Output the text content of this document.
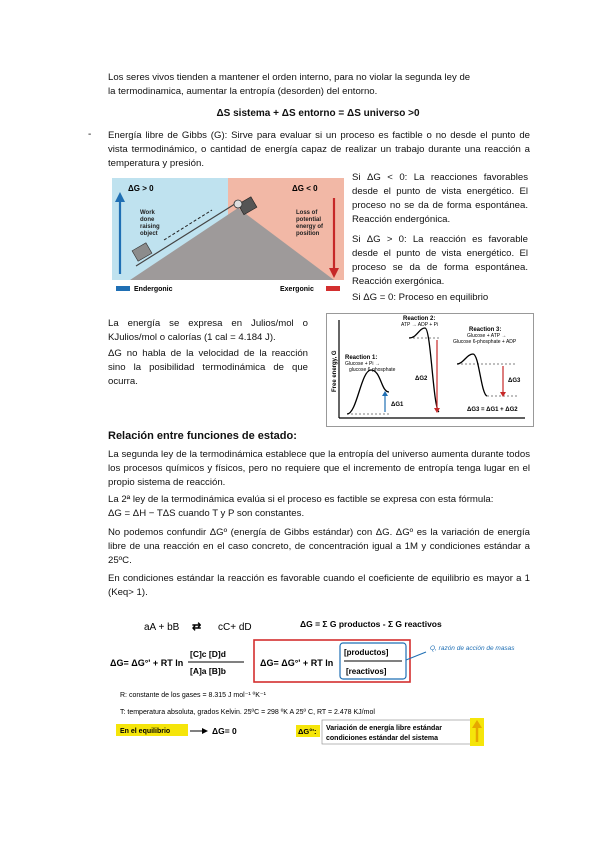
Los seres vivos tienden a mantener el orden interno, para no violar la segunda ley de
la termodinamica, aumentar la entropía (desorden) del entorno.
ΔS sistema + ΔS entorno = ΔS universo >0
- Energía libre de Gibbs (G): Sirve para evaluar si un proceso es factible o no desde el punto de vista termodinámico, o cantidad de energía capaz de realizar un trabajo durante una reacción a temperatura y presión.
ΔG > 0	ΔG < 0
Work done raising object
Loss of potential energy of position
Endergonic	Exergonic
Si ΔG < 0: La reacciones favorables desde el punto de vista energético. El proceso no se da de forma espontánea. Reacción endergónica.
Si ΔG > 0: La reacción es favorable desde el punto de vista energético. El proceso se da de forma espontánea. Reacción exergónica.
Si ΔG = 0: Proceso en equilibrio
La energía se expresa en Julios/mol o KJulios/mol o calorías (1 cal = 4.184 J).
ΔG no habla de la velocidad de la reacción sino la posibilidad termodinámica de que ocurra.	Free energy, G
ΔG1
Reaction 1:
Glucose + Pi →
glucose 6-phosphate
ΔG2
Reaction 2:
ATP → ADP + Pi
ΔG3
Reaction 3:
Glucose + ATP →
Glucose 6-phosphate + ADP
ΔG3 = ΔG1 + ΔG2
Relación entre funciones de estado:
La segunda ley de la termodinámica establece que la entropía del universo aumenta durante todos los procesos químicos y físicos, pero no requiere que el incremento de entropía tenga lugar en el propio sistema de reacción.
La 2ª ley de la termodinámica evalúa si el proceso es factible se expresa con esta fórmula:
ΔG = ΔH − TΔS cuando T y P son constantes.
No podemos confundir ΔGº (energía de Gibbs estándar) con ΔG. ΔGº es la variación de energía libre de una reacción en el caso concreto, de concentración igual a 1M y condiciones estándar a 25ºC.
En condiciones estándar la reacción es favorable cuando el coeficiente de equilibrio es mayor a 1 (Keq> 1).
aA + bB ⇄ cC+ dD	ΔG = Σ G productos - Σ G reactivos
ΔG= ΔG°' + RT ln
[C]c [D]d
[A]a [B]b
ΔG= ΔG°' + RT ln
[productos]
[reactivos]
Q, razón de acción de masas
R: constante de los gases = 8.315 J mol⁻¹ ºK⁻¹
T: temperatura absoluta, grados Kelvin. 25ºC = 298 ºK A 25º C, RT = 2.478 KJ/mol
En el equilibrio	ΔG= 0	ΔG°': Variación de energía libre estándar
condiciones estándar del sistema
